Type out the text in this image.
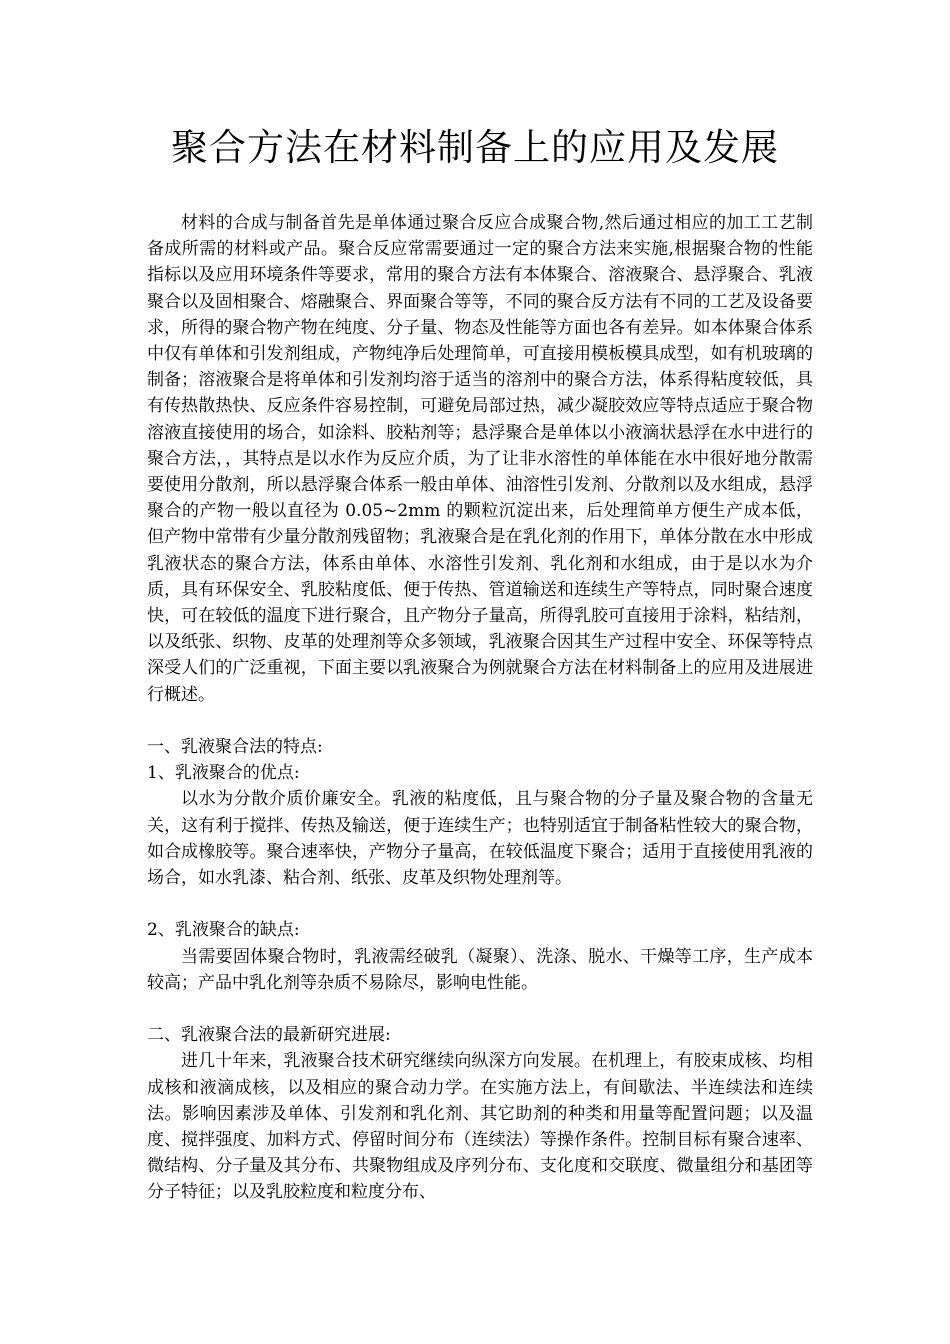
聚合方法在材料制备上的应用及发展

材料的合成与制备首先是单体通过聚合反应合成聚合物,然后通过相应的加工工艺制备成所需的材料或产品。聚合反应常需要通过一定的聚合方法来实施,根据聚合物的性能指标以及应用环境条件等要求，常用的聚合方法有本体聚合、溶液聚合、悬浮聚合、乳液聚合以及固相聚合、熔融聚合、界面聚合等等，不同的聚合反方法有不同的工艺及设备要求，所得的聚合物产物在纯度、分子量、物态及性能等方面也各有差异。如本体聚合体系中仅有单体和引发剂组成，产物纯净后处理简单，可直接用模板模具成型，如有机玻璃的制备；溶液聚合是将单体和引发剂均溶于适当的溶剂中的聚合方法，体系得粘度较低，具有传热散热快、反应条件容易控制，可避免局部过热，减少凝胶效应等特点适应于聚合物溶液直接使用的场合，如涂料、胶粘剂等；悬浮聚合是单体以小液滴状悬浮在水中进行的聚合方法，，其特点是以水作为反应介质，为了让非水溶性的单体能在水中很好地分散需要使用分散剂，所以悬浮聚合体系一般由单体、油溶性引发剂、分散剂以及水组成，悬浮聚合的产物一般以直径为 0.05~2mm 的颗粒沉淀出来，后处理简单方便生产成本低，但产物中常带有少量分散剂残留物；乳液聚合是在乳化剂的作用下，单体分散在水中形成乳液状态的聚合方法，体系由单体、水溶性引发剂、乳化剂和水组成，由于是以水为介质，具有环保安全、乳胶粘度低、便于传热、管道输送和连续生产等特点，同时聚合速度快，可在较低的温度下进行聚合，且产物分子量高，所得乳胶可直接用于涂料，粘结剂，以及纸张、织物、皮革的处理剂等众多领域，乳液聚合因其生产过程中安全、环保等特点深受人们的广泛重视，下面主要以乳液聚合为例就聚合方法在材料制备上的应用及进展进行概述。

一、乳液聚合法的特点:

1、乳液聚合的优点:

以水为分散介质价廉安全。乳液的粘度低，且与聚合物的分子量及聚合物的含量无关，这有利于搅拌、传热及输送，便于连续生产；也特别适宜于制备粘性较大的聚合物，如合成橡胶等。聚合速率快，产物分子量高，在较低温度下聚合；适用于直接使用乳液的场合，如水乳漆、粘合剂、纸张、皮革及织物处理剂等。

2、乳液聚合的缺点:

当需要固体聚合物时，乳液需经破乳（凝聚）、洗涤、脱水、干燥等工序，生产成本较高；产品中乳化剂等杂质不易除尽，影响电性能。

二、乳液聚合法的最新研究进展:

进几十年来，乳液聚合技术研究继续向纵深方向发展。在机理上，有胶束成核、均相成核和液滴成核，以及相应的聚合动力学。在实施方法上，有间歇法、半连续法和连续法。影响因素涉及单体、引发剂和乳化剂、其它助剂的种类和用量等配置问题；以及温度、搅拌强度、加料方式、停留时间分布（连续法）等操作条件。控制目标有聚合速率、微结构、分子量及其分布、共聚物组成及序列分布、支化度和交联度、微量组分和基团等分子特征；以及乳胶粒度和粒度分布、
